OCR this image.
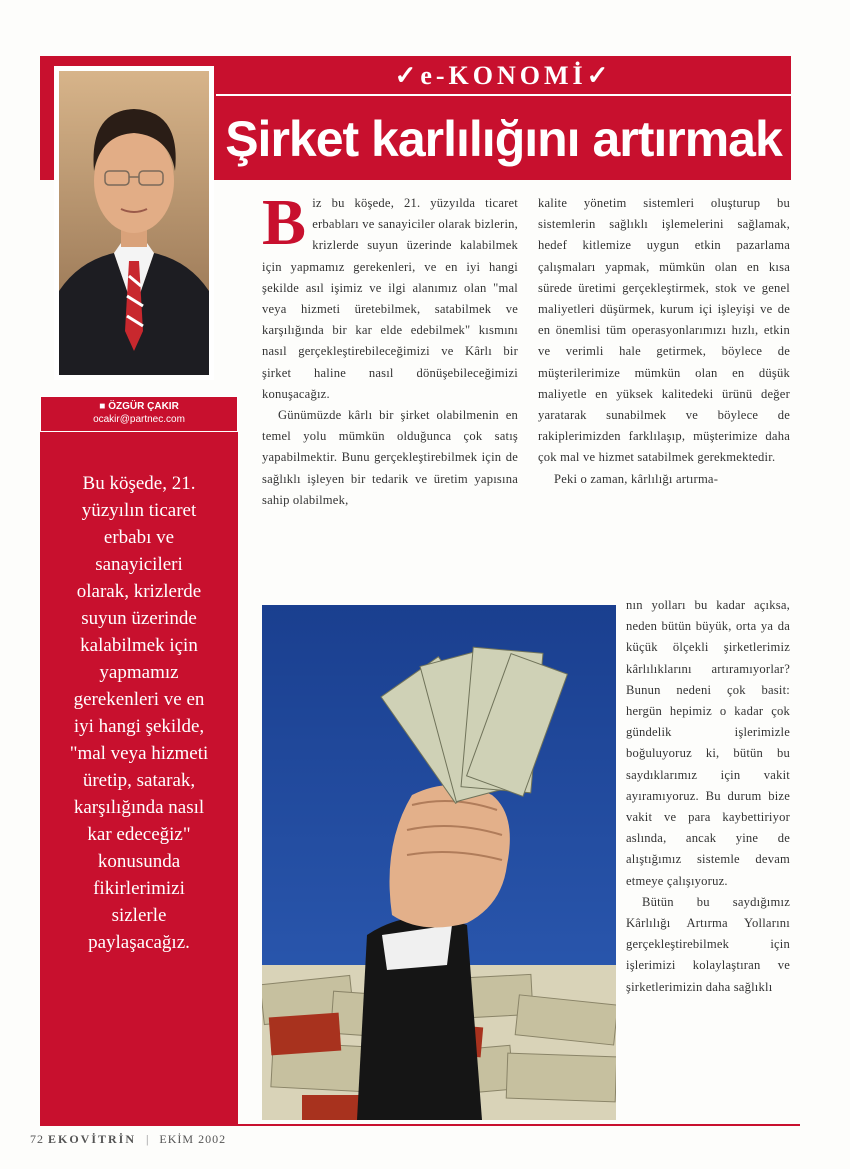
✓e-KONOMİ✓
Şirket karlılığını artırmak
■ ÖZGÜR ÇAKIR
ocakir@partnec.com
Bu köşede, 21.
yüzyılın ticaret
erbabı ve
sanayicileri
olarak, krizlerde
suyun üzerinde
kalabilmek için
yapmamız
gerekenleri ve en
iyi hangi şekilde,
"mal veya hizmeti
üretip, satarak,
karşılığında nasıl
kar edeceğiz"
konusunda
fikirlerimizi
sizlerle
paylaşacağız.

Biz bu köşede, 21. yüzyılda ticaret erbabları ve sanayiciler olarak bizlerin, krizlerde suyun üzerinde kalabilmek için yapmamız gerekenleri, ve en iyi hangi şekilde asıl işimiz ve ilgi alanımız olan "mal veya hizmeti üretebilmek, satabilmek ve karşılığında bir kar elde edebilmek" kısmını nasıl gerçekleştirebileceğimizi ve Kârlı bir şirket haline nasıl dönüşebileceğimizi konuşacağız.

Günümüzde kârlı bir şirket olabilmenin en temel yolu mümkün olduğunca çok satış yapabilmektir. Bunu gerçekleştirebilmek için de sağlıklı işleyen bir tedarik ve üretim yapısına sahip olabilmek,

kalite yönetim sistemleri oluşturup bu sistemlerin sağlıklı işlemelerini sağlamak, hedef kitlemize uygun etkin pazarlama çalışmaları yapmak, mümkün olan en kısa sürede üretimi gerçekleştirmek, stok ve genel maliyetleri düşürmek, kurum içi işleyişi ve de en önemlisi tüm operasyonlarımızı hızlı, etkin ve verimli hale getirmek, böylece de müşterilerimize mümkün olan en düşük maliyetle en yüksek kalitedeki ürünü değer yaratarak sunabilmek ve böylece de rakiplerimizden farklılaşıp, müşterimize daha çok mal ve hizmet satabilmek gerekmektedir.

Peki o zaman, kârlılığı artırma-

nın yolları bu kadar açıksa, neden bütün büyük, orta ya da küçük ölçekli şirketlerimiz kârlılıklarını artıramıyorlar? Bunun nedeni çok basit: hergün hepimiz o kadar çok gündelik işlerimizle boğuluyoruz ki, bütün bu saydıklarımız için vakit ayıramıyoruz. Bu durum bize vakit ve para kaybettiriyor aslında, ancak yine de alıştığımız sistemle devam etmeye çalışıyoruz.

Bütün bu saydığımız Kârlılığı Artırma Yollarını gerçekleştirebilmek için işlerimizi kolaylaştıran ve şirketlerimizin daha sağlıklı

72 EKOVİTRİN | EKİM 2002
